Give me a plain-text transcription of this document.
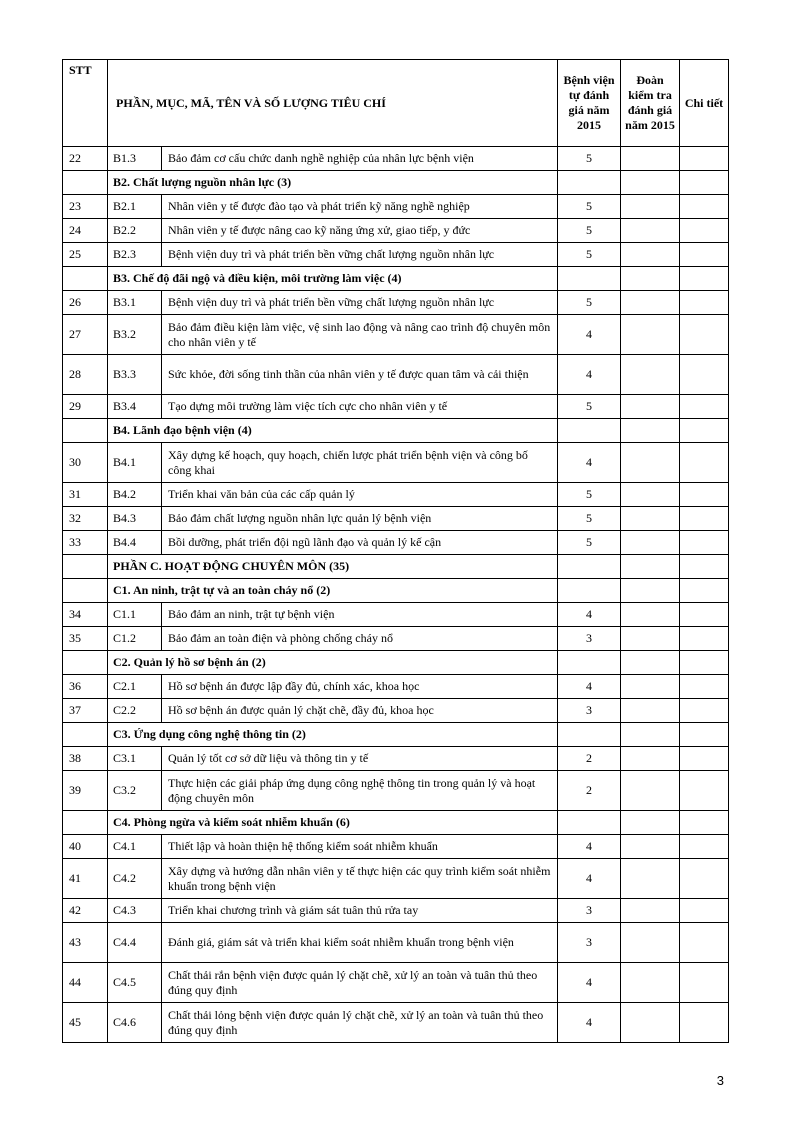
STT	PHẦN, MỤC, MÃ, TÊN VÀ SỐ LƯỢNG TIÊU CHÍ		Bệnh viện tự đánh giá năm 2015	Đoàn kiểm tra đánh giá năm 2015	Chi tiết
22	B1.3	Bảo đảm cơ cấu chức danh nghề nghiệp của nhân lực bệnh viện	5		
	B2. Chất lượng nguồn nhân lực (3)				
23	B2.1	Nhân viên y tế được đào tạo và phát triển kỹ năng nghề nghiệp	5		
24	B2.2	Nhân viên y tế được nâng cao kỹ năng ứng xử, giao tiếp, y đức	5		
25	B2.3	Bệnh viện duy trì và phát triển bền vững chất lượng nguồn nhân lực	5		
	B3. Chế độ đãi ngộ và điều kiện, môi trường làm việc (4)				
26	B3.1	Bệnh viện duy trì và phát triển bền vững chất lượng nguồn nhân lực	5		
27	B3.2	Bảo đảm điều kiện làm việc, vệ sinh lao động và nâng cao trình độ chuyên môn cho nhân viên y tế	4		
28	B3.3	Sức khỏe, đời sống tinh thần của nhân viên y tế được quan tâm và cải thiện	4		
29	B3.4	Tạo dựng môi trường làm việc tích cực cho nhân viên y tế	5		
	B4. Lãnh đạo bệnh viện (4)				
30	B4.1	Xây dựng kế hoạch, quy hoạch, chiến lược phát triển bệnh viện và công bố công khai	4		
31	B4.2	Triển khai văn bản của các cấp quản lý	5		
32	B4.3	Bảo đảm chất lượng nguồn nhân lực quản lý bệnh viện	5		
33	B4.4	Bồi dưỡng, phát triển đội ngũ lãnh đạo và quản lý kế cận	5		
	PHẦN C. HOẠT ĐỘNG CHUYÊN MÔN (35)				
	C1. An ninh, trật tự và an toàn cháy nổ (2)				
34	C1.1	Bảo đảm an ninh, trật tự bệnh viện	4		
35	C1.2	Bảo đảm an toàn điện và phòng chống cháy nổ	3		
	C2. Quản lý hồ sơ bệnh án (2)				
36	C2.1	Hồ sơ bệnh án được lập đầy đủ, chính xác, khoa học	4		
37	C2.2	Hồ sơ bệnh án được quản lý chặt chẽ, đầy đủ, khoa học	3		
	C3. Ứng dụng công nghệ thông tin (2)				
38	C3.1	Quản lý tốt cơ sở dữ liệu và thông tin y tế	2		
39	C3.2	Thực hiện các giải pháp ứng dụng công nghệ thông tin trong quản lý và hoạt động chuyên môn	2		
	C4. Phòng ngừa và kiểm soát nhiễm khuẩn (6)				
40	C4.1	Thiết lập và hoàn thiện hệ thống kiểm soát nhiễm khuẩn	4		
41	C4.2	Xây dựng và hướng dẫn nhân viên y tế thực hiện các quy trình kiểm soát nhiễm khuẩn trong bệnh viện	4		
42	C4.3	Triển khai chương trình và giám sát tuân thủ rửa tay	3		
43	C4.4	Đánh giá, giám sát và triển khai kiểm soát nhiễm khuẩn trong bệnh viện	3		
44	C4.5	Chất thải rắn bệnh viện được quản lý chặt chẽ, xử lý an toàn và tuân thủ theo đúng quy định	4		
45	C4.6	Chất thải lỏng bệnh viện được quản lý chặt chẽ, xử lý an toàn và tuân thủ theo đúng quy định	4		
3
